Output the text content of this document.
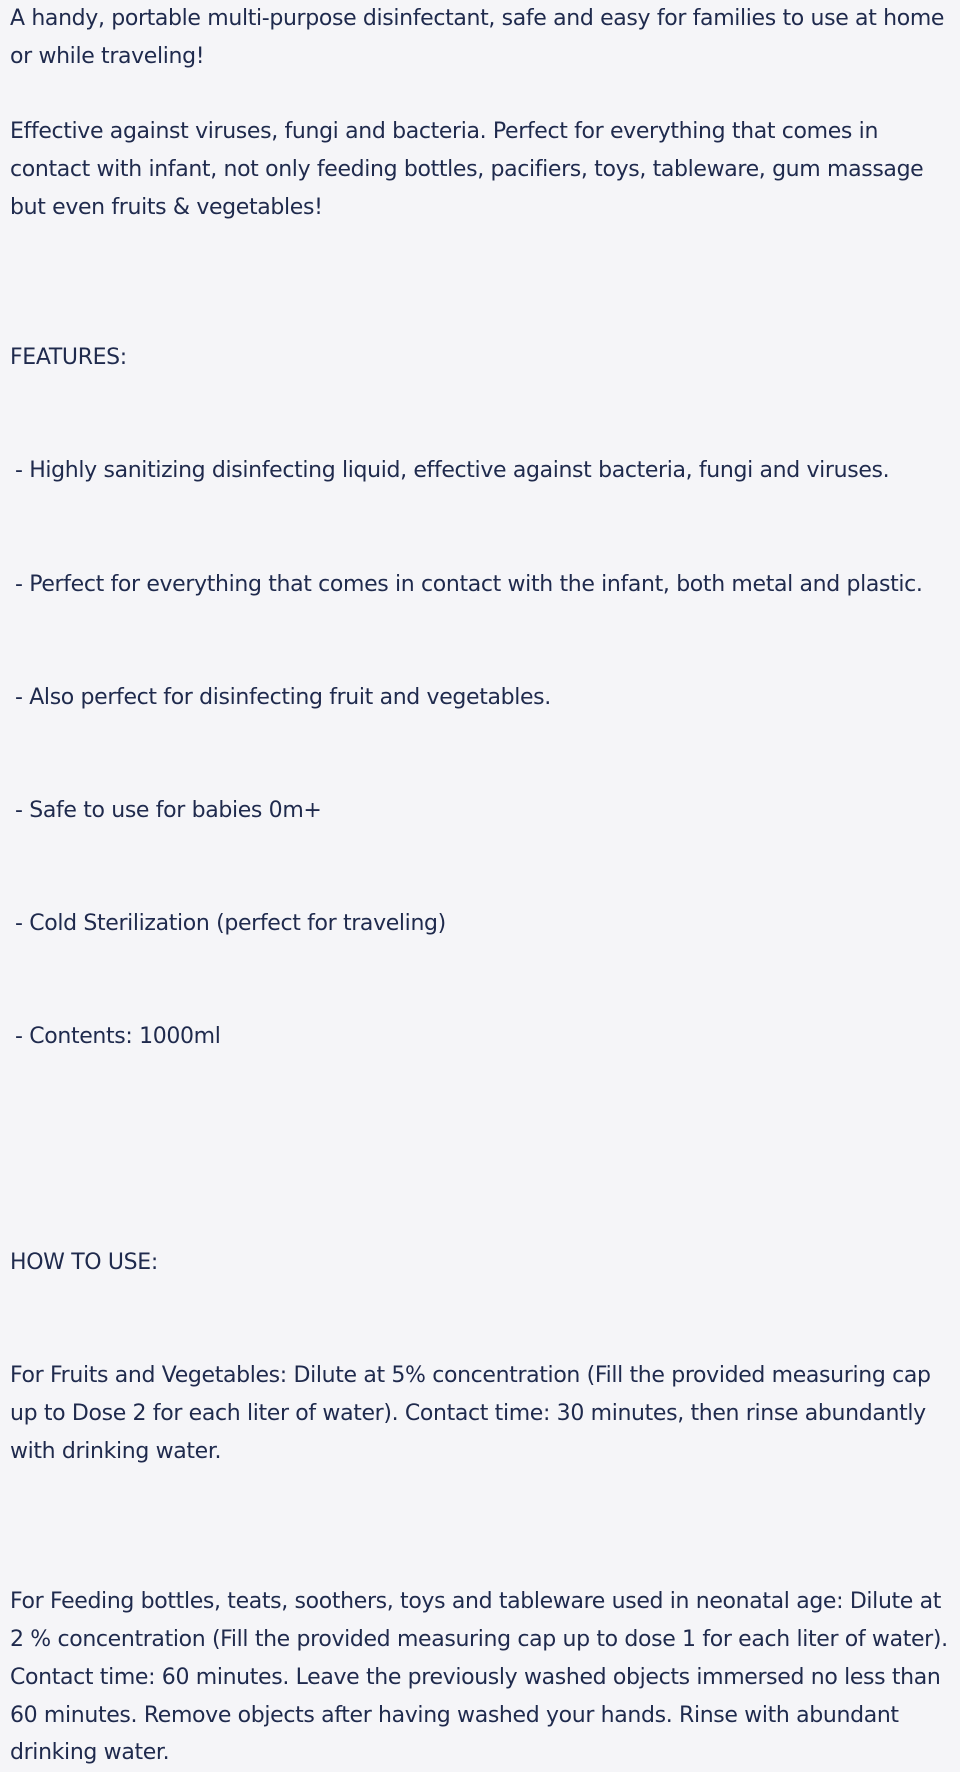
A handy, portable multi-purpose disinfectant, safe and easy for families to use at home or while traveling!

Effective against viruses, fungi and bacteria. Perfect for everything that comes in contact with infant, not only feeding bottles, pacifiers, toys, tableware, gum massage but even fruits & vegetables!

FEATURES:

- Highly sanitizing disinfecting liquid, effective against bacteria, fungi and viruses.

- Perfect for everything that comes in contact with the infant, both metal and plastic.

- Also perfect for disinfecting fruit and vegetables.

- Safe to use for babies 0m+

- Cold Sterilization (perfect for traveling)

- Contents: 1000ml

HOW TO USE:

For Fruits and Vegetables: Dilute at 5% concentration (Fill the provided measuring cap up to Dose 2 for each liter of water). Contact time: 30 minutes, then rinse abundantly with drinking water.

For Feeding bottles, teats, soothers, toys and tableware used in neonatal age: Dilute at 2 % concentration (Fill the provided measuring cap up to dose 1 for each liter of water). Contact time: 60 minutes. Leave the previously washed objects immersed no less than 60 minutes. Remove objects after having washed your hands. Rinse with abundant drinking water.
